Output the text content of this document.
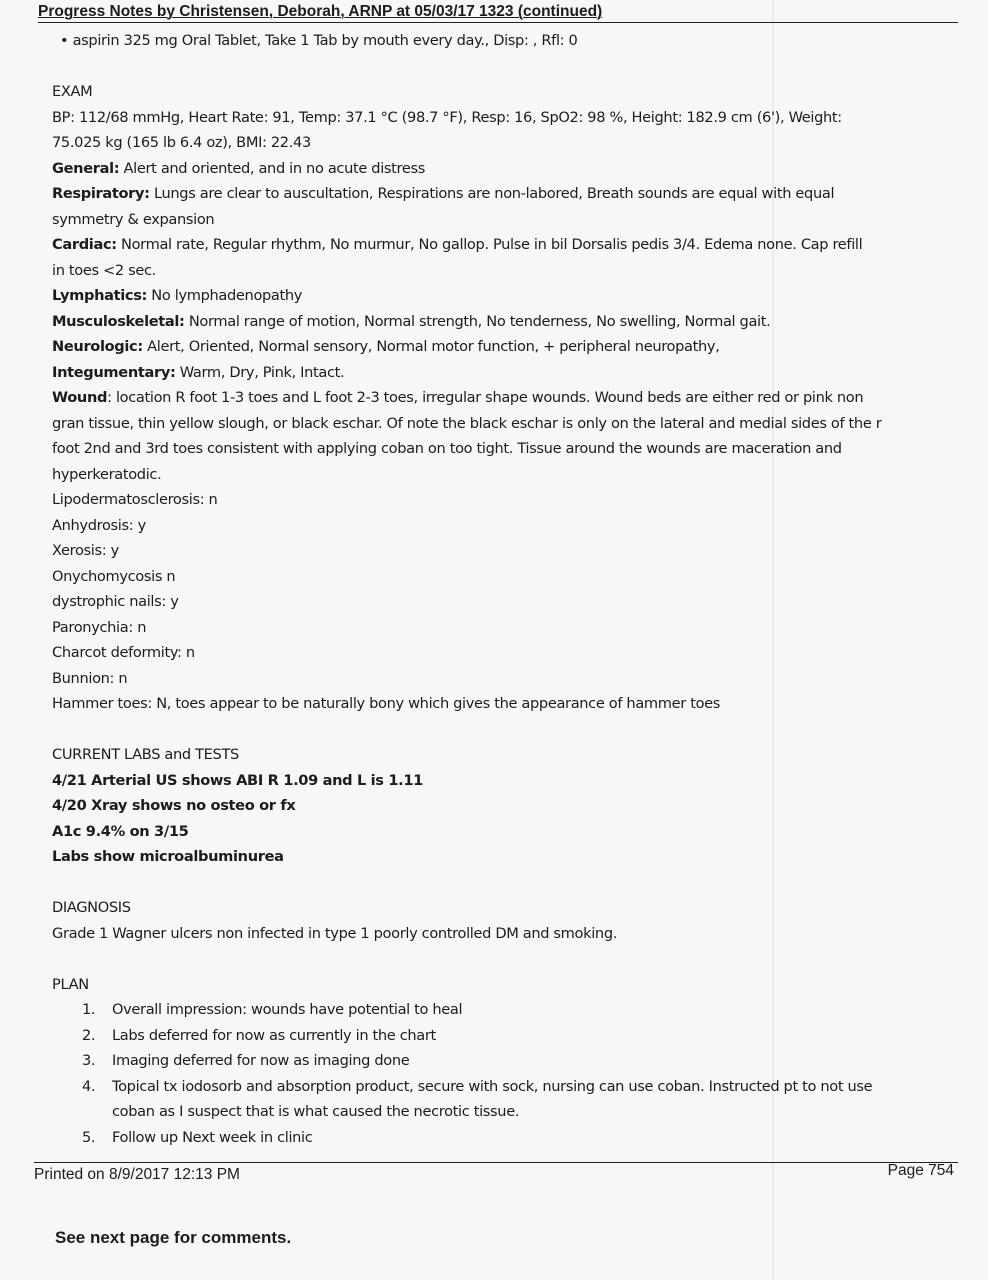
Progress Notes by Christensen, Deborah, ARNP at 05/03/17 1323 (continued)
• aspirin 325 mg Oral Tablet, Take 1 Tab by mouth every day., Disp: , Rfl: 0
EXAM
BP: 112/68 mmHg, Heart Rate: 91, Temp: 37.1 °C (98.7 °F), Resp: 16, SpO2: 98 %, Height: 182.9 cm (6'), Weight:
75.025 kg (165 lb 6.4 oz), BMI: 22.43
General: Alert and oriented, and in no acute distress
Respiratory: Lungs are clear to auscultation, Respirations are non-labored, Breath sounds are equal with equal
symmetry & expansion
Cardiac: Normal rate, Regular rhythm, No murmur, No gallop. Pulse in bil Dorsalis pedis 3/4. Edema none. Cap refill
in toes <2 sec.
Lymphatics: No lymphadenopathy
Musculoskeletal: Normal range of motion, Normal strength, No tenderness, No swelling, Normal gait.
Neurologic: Alert, Oriented, Normal sensory, Normal motor function, + peripheral neuropathy,
Integumentary: Warm, Dry, Pink, Intact.
Wound: location R foot 1-3 toes and L foot 2-3 toes, irregular shape wounds. Wound beds are either red or pink non
gran tissue, thin yellow slough, or black eschar. Of note the black eschar is only on the lateral and medial sides of the r
foot 2nd and 3rd toes consistent with applying coban on too tight. Tissue around the wounds are maceration and
hyperkeratodic.
Lipodermatosclerosis: n
Anhydrosis: y
Xerosis: y
Onychomycosis n
dystrophic nails: y
Paronychia: n
Charcot deformity: n
Bunnion: n
Hammer toes: N, toes appear to be naturally bony which gives the appearance of hammer toes
CURRENT LABS and TESTS
4/21 Arterial US shows ABI R 1.09 and L is 1.11
4/20 Xray shows no osteo or fx
A1c 9.4% on 3/15
Labs show microalbuminurea
DIAGNOSIS
Grade 1 Wagner ulcers non infected in type 1 poorly controlled DM and smoking.
PLAN
1. Overall impression: wounds have potential to heal
2. Labs deferred for now as currently in the chart
3. Imaging deferred for now as imaging done
4. Topical tx iodosorb and absorption product, secure with sock, nursing can use coban. Instructed pt to not use
coban as I suspect that is what caused the necrotic tissue.
5. Follow up Next week in clinic
Printed on 8/9/2017 12:13 PM	Page 754
See next page for comments.
